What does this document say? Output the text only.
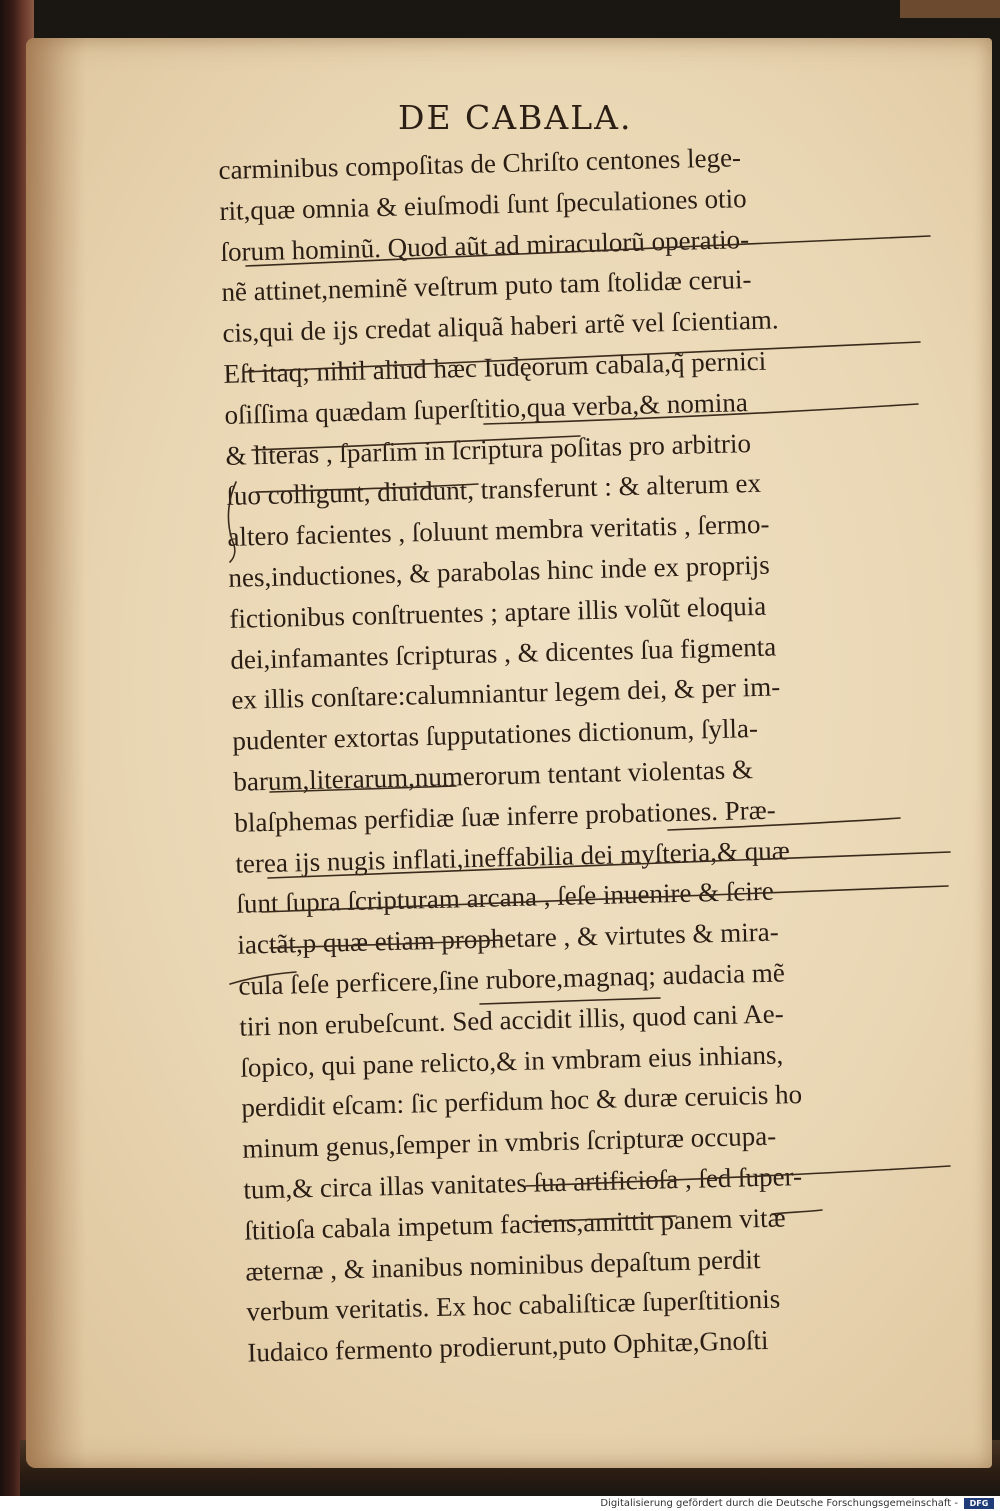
DE CABALA.
carminibus compoſitas de Chriſto centones lege-
rit,quæ omnia & eiuſmodi ſunt ſpeculationes otio
ſorum hominũ. Quod aũt ad miraculorũ operatio-
nẽ attinet,neminẽ veſtrum puto tam ſtolidæ cerui-
cis,qui de ijs credat aliquã haberi artẽ vel ſcientiam.
Eſt itaq; nihil aliud hæc Iudęorum cabala,q̃ pernici
oſiſſima quædam ſuperſtitio,qua verba,& nomina
& literas , ſparſim in ſcriptura poſitas pro arbitrio
ſuo colligunt, diuidunt, transferunt : & alterum ex
altero facientes , ſoluunt membra veritatis , ſermo-
nes,inductiones, & parabolas hinc inde ex proprijs
fictionibus conſtruentes ; aptare illis volũt eloquia
dei,infamantes ſcripturas , & dicentes ſua figmenta
ex illis conſtare:calumniantur legem dei, & per im-
pudenter extortas ſupputationes dictionum, ſylla-
barum,literarum,numerorum tentant violentas &
blaſphemas perfidiæ ſuæ inferre probationes. Præ-
terea ijs nugis inflati,ineffabilia dei myſteria,& quæ
ſunt ſupra ſcripturam arcana , ſeſe inuenire & ſcire
iactãt,p quæ etiam prophetare , & virtutes & mira-
cula ſeſe perficere,ſine rubore,magnaq; audacia mẽ
tiri non erubeſcunt. Sed accidit illis, quod cani Ae-
ſopico, qui pane relicto,& in vmbram eius inhians,
perdidit eſcam: ſic perfidum hoc & duræ ceruicis ho
minum genus,ſemper in vmbris ſcripturæ occupa-
tum,& circa illas vanitates ſua artificioſa , ſed ſuper-
ſtitioſa cabala impetum faciens,amittit panem vitæ
æternæ , & inanibus nominibus depaſtum perdit
verbum veritatis. Ex hoc cabaliſticæ ſuperſtitionis
Iudaico fermento prodierunt,puto Ophitæ,Gnoſti
Digitalisierung gefördert durch die Deutsche Forschungsgemeinschaft -	DFG
